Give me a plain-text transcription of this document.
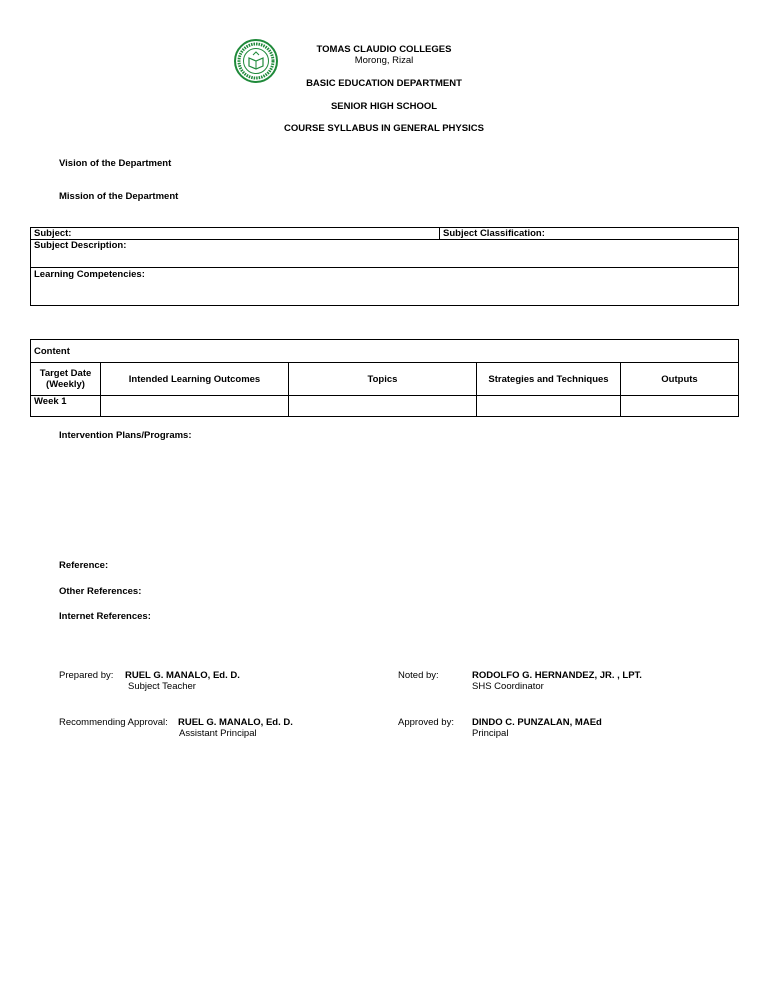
TOMAS CLAUDIO COLLEGES
Morong, Rizal
BASIC EDUCATION DEPARTMENT
SENIOR HIGH SCHOOL
COURSE SYLLABUS IN GENERAL PHYSICS
Vision of the Department
Mission of the Department
Subject:	Subject Classification:
Subject Description:
Learning Competencies:
Content				

Target Date
(Weekly)	Intended Learning Outcomes	Topics	Strategies and Techniques	Outputs
Week 1				
Intervention Plans/Programs:
Reference:
Other References:
Internet References:
Prepared by: RUEL G. MANALO, Ed. D.
Subject Teacher
Noted by:	RODOLFO G. HERNANDEZ, JR. , LPT.
SHS Coordinator
Recommending Approval: RUEL G. MANALO, Ed. D.
Assistant Principal
Approved by: DINDO C. PUNZALAN, MAEd
Principal
